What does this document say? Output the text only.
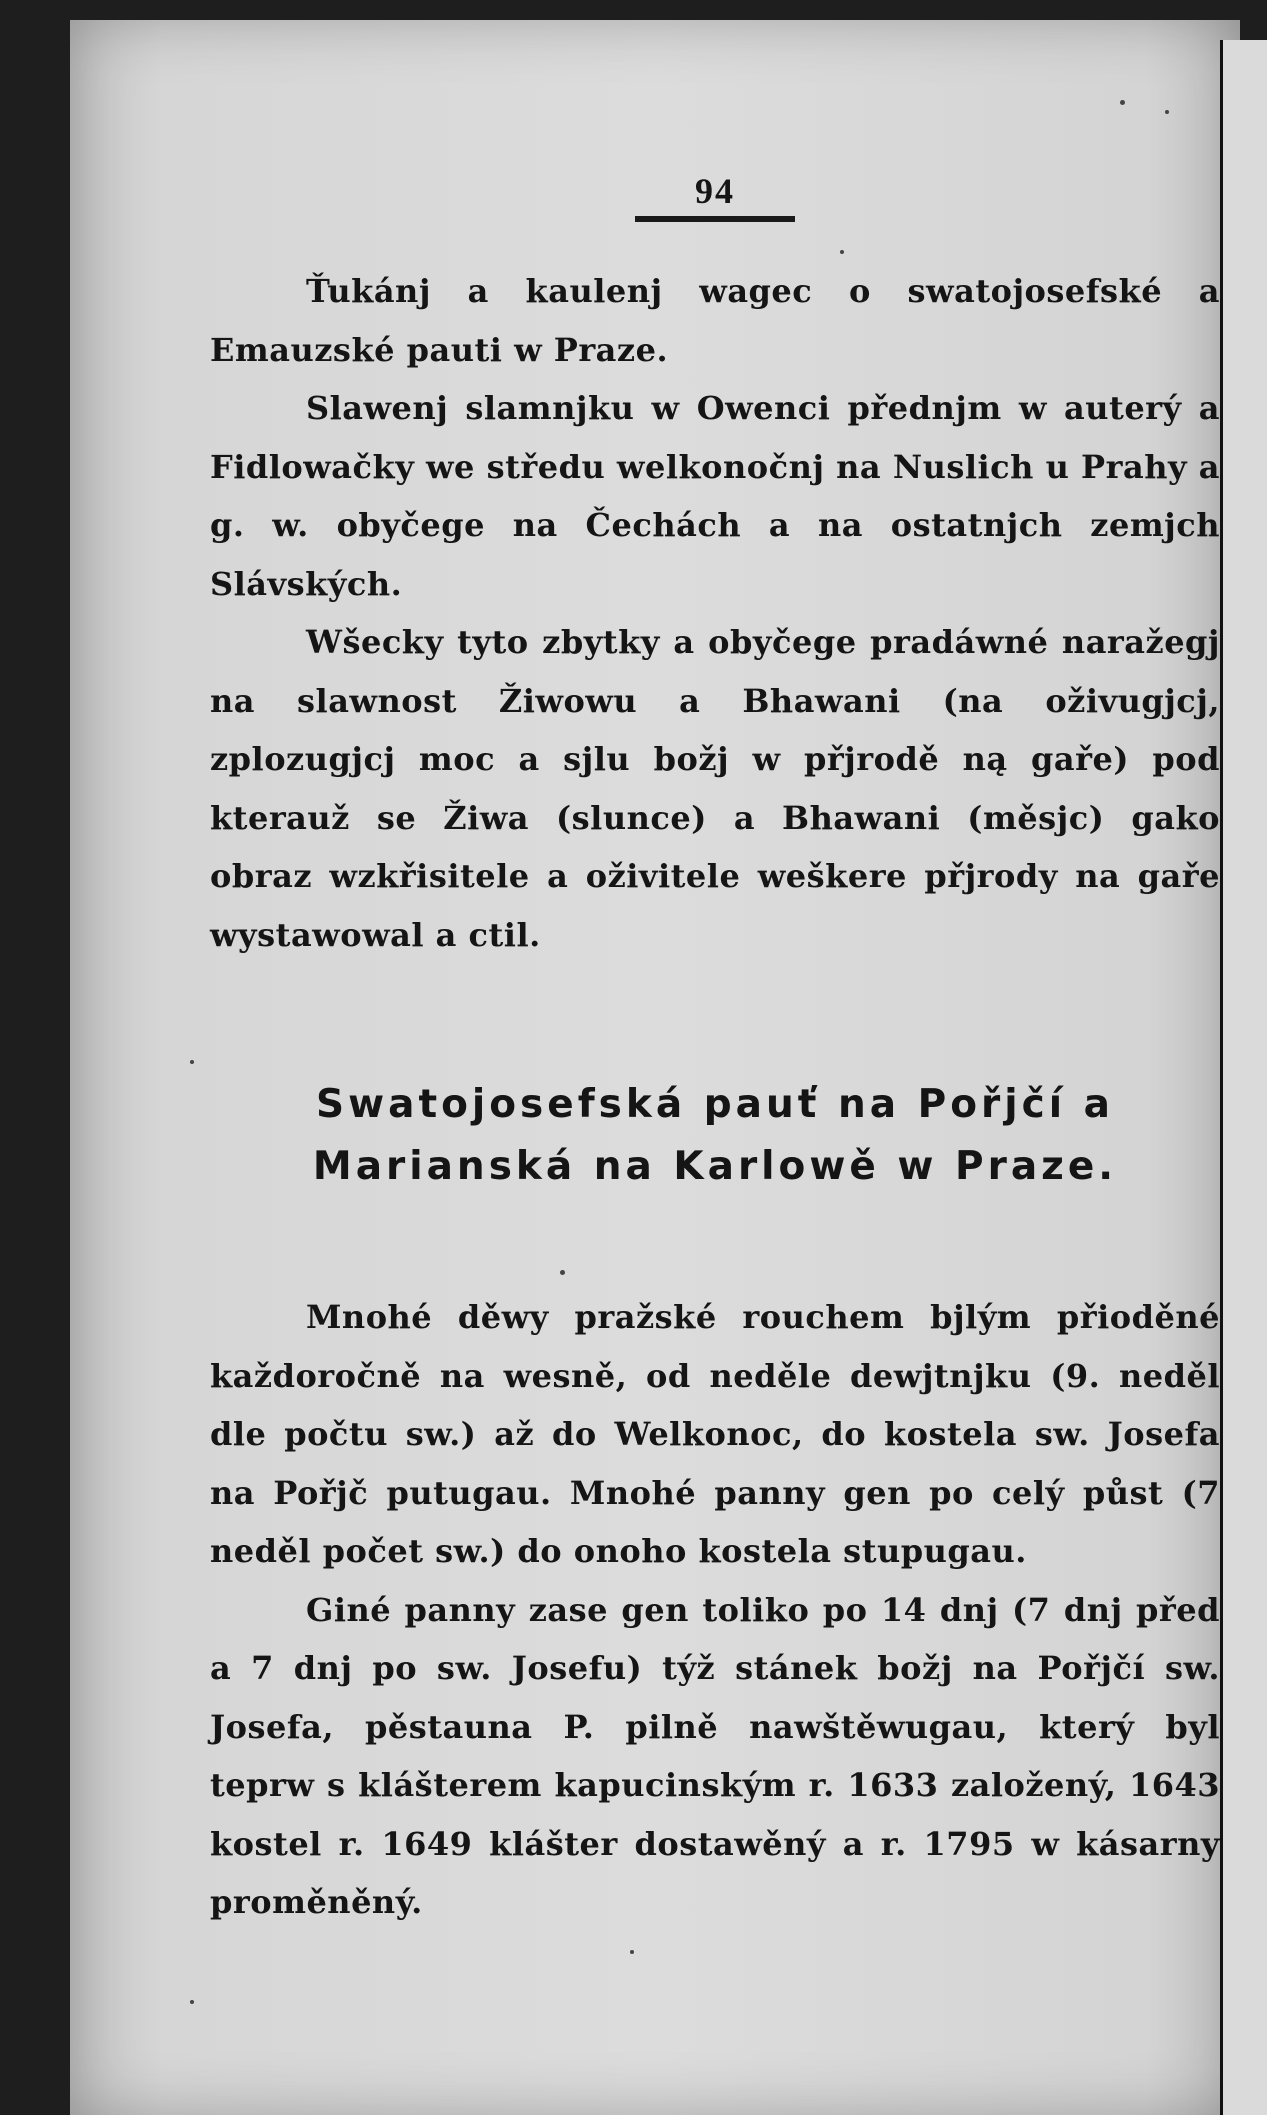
94

Ťukánj a kaulenj wagec o swatojosefské a Emauzské pauti w Praze.

Slawenj slamnjku w Owenci přednjm w auterý a Fidlowačky we středu welkonočnj na Nuslich u Prahy a g. w. obyčege na Čechách a na ostatnjch zemjch Slávských.

Wšecky tyto zbytky a obyčege pradáwné naražegj na slawnost Žiwowu a Bhawani (na oživugjcj, zplozugjcj moc a sjlu božj w přjrodě ną gaře) pod kterauž se Žiwa (slunce) a Bhawani (měsjc) gako obraz wzkřisitele a oživitele weškere přjrody na gaře wystawowal a ctil.

Swatojosefská pauť na Pořjčí a
Marianská na Karlowě w Praze.

Mnohé děwy pražské rouchem bjlým přioděné každoročně na wesně, od neděle dewjtnjku (9. neděl dle počtu sw.) až do Welkonoc, do kostela sw. Josefa na Pořjč putugau. Mnohé panny gen po celý půst (7 neděl počet sw.) do onoho kostela stupugau.

Giné panny zase gen toliko po 14 dnj (7 dnj před a 7 dnj po sw. Josefu) týž stánek božj na Pořjčí sw. Josefa, pěstauna P. pilně nawštěwugau, který byl teprw s klášterem kapucinským r. 1633 založený, 1643 kostel r. 1649 klášter dostawěný a r. 1795 w kásarny proměněný.
